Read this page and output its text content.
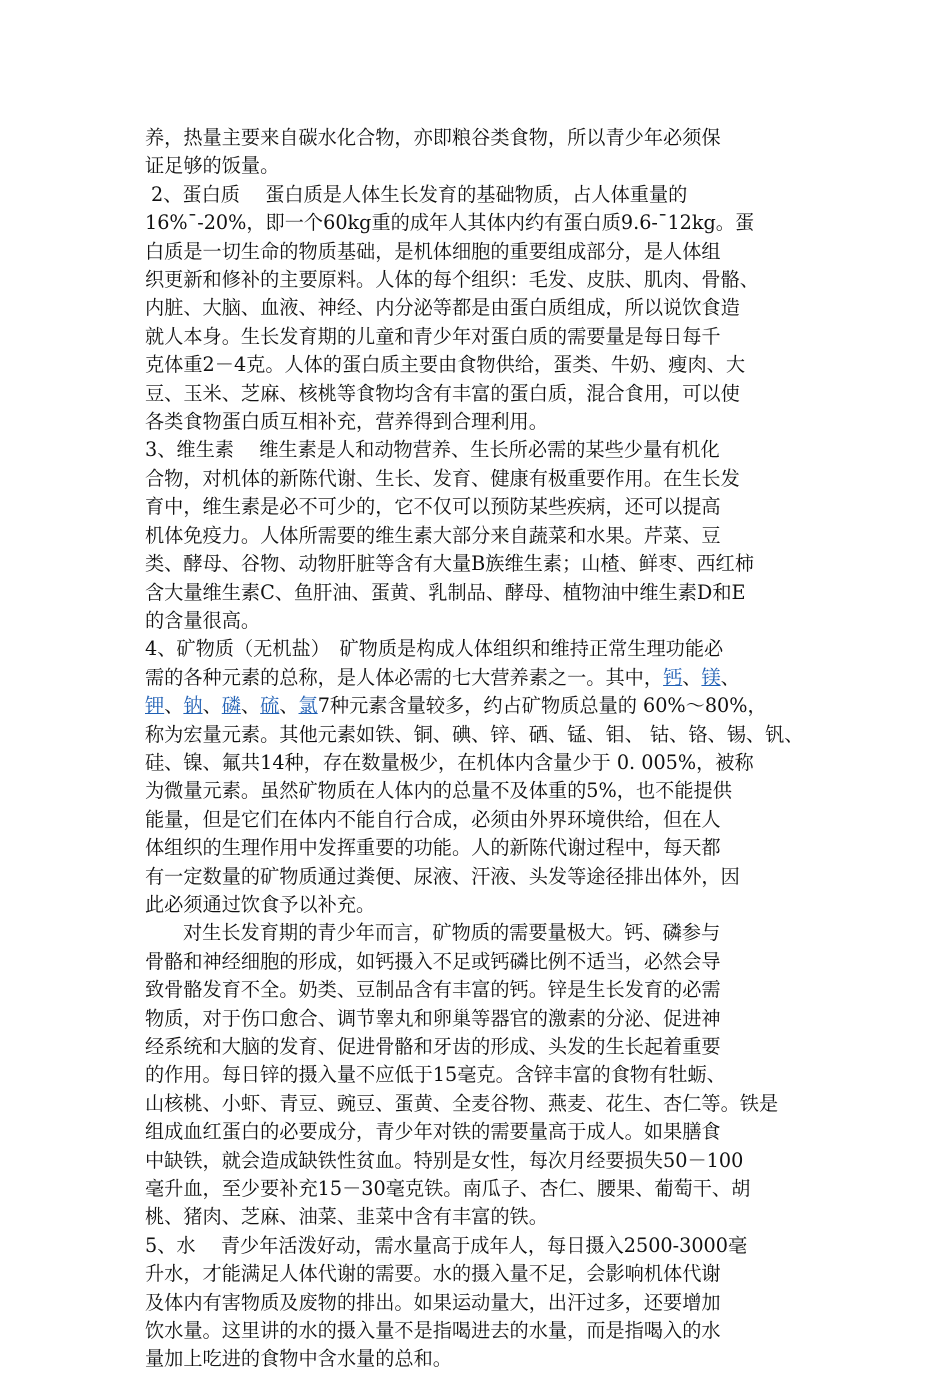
养，热量主要来自碳水化合物，亦即粮谷类食物，所以青少年必须保
证足够的饭量。
2、蛋白质　 蛋白质是人体生长发育的基础物质，占人体重量的
16%¯-20%，即一个60kg重的成年人其体内约有蛋白质9.6-¯12kg。蛋
白质是一切生命的物质基础，是机体细胞的重要组成部分，是人体组
织更新和修补的主要原料。人体的每个组织：毛发、皮肤、肌肉、骨骼、
内脏、大脑、血液、神经、内分泌等都是由蛋白质组成，所以说饮食造
就人本身。生长发育期的儿童和青少年对蛋白质的需要量是每日每千
克体重2－4克。人体的蛋白质主要由食物供给，蛋类、牛奶、瘦肉、大
豆、玉米、芝麻、核桃等食物均含有丰富的蛋白质，混合食用，可以使
各类食物蛋白质互相补充，营养得到合理利用。
3、维生素　 维生素是人和动物营养、生长所必需的某些少量有机化
合物，对机体的新陈代谢、生长、发育、健康有极重要作用。在生长发
育中，维生素是必不可少的，它不仅可以预防某些疾病，还可以提高
机体免疫力。人体所需要的维生素大部分来自蔬菜和水果。芹菜、豆
类、酵母、谷物、动物肝脏等含有大量B族维生素；山楂、鲜枣、西红柿
含大量维生素C、鱼肝油、蛋黄、乳制品、酵母、植物油中维生素D和E
的含量很高。
4、矿物质（无机盐）　矿物质是构成人体组织和维持正常生理功能必
需的各种元素的总称，是人体必需的七大营养素之一。其中，钙、镁、
钾、钠、磷、硫、氯7种元素含量较多，约占矿物质总量的 60%～80%，
称为宏量元素。其他元素如铁、铜、碘、锌、硒、锰、钼、 钴、铬、锡、钒、
硅、镍、氟共14种，存在数量极少，在机体内含量少于 0. 005%，被称
为微量元素。虽然矿物质在人体内的总量不及体重的5%，也不能提供
能量，但是它们在体内不能自行合成，必须由外界环境供给，但在人
体组织的生理作用中发挥重要的功能。人的新陈代谢过程中，每天都
有一定数量的矿物质通过粪便、尿液、汗液、头发等途径排出体外，因
此必须通过饮食予以补充。
对生长发育期的青少年而言，矿物质的需要量极大。钙、磷参与
骨骼和神经细胞的形成，如钙摄入不足或钙磷比例不适当，必然会导
致骨骼发育不全。奶类、豆制品含有丰富的钙。锌是生长发育的必需
物质，对于伤口愈合、调节睾丸和卵巢等器官的激素的分泌、促进神
经系统和大脑的发育、促进骨骼和牙齿的形成、头发的生长起着重要
的作用。每日锌的摄入量不应低于15毫克。含锌丰富的食物有牡蛎、
山核桃、小虾、青豆、豌豆、蛋黄、全麦谷物、燕麦、花生、杏仁等。铁是
组成血红蛋白的必要成分，青少年对铁的需要量高于成人。如果膳食
中缺铁，就会造成缺铁性贫血。特别是女性，每次月经要损失50－100
毫升血，至少要补充15－30毫克铁。南瓜子、杏仁、腰果、葡萄干、胡
桃、猪肉、芝麻、油菜、韭菜中含有丰富的铁。
5、水　 青少年活泼好动，需水量高于成年人，每日摄入2500-3000毫
升水，才能满足人体代谢的需要。水的摄入量不足，会影响机体代谢
及体内有害物质及废物的排出。如果运动量大，出汗过多，还要增加
饮水量。这里讲的水的摄入量不是指喝进去的水量，而是指喝入的水
量加上吃进的食物中含水量的总和。
